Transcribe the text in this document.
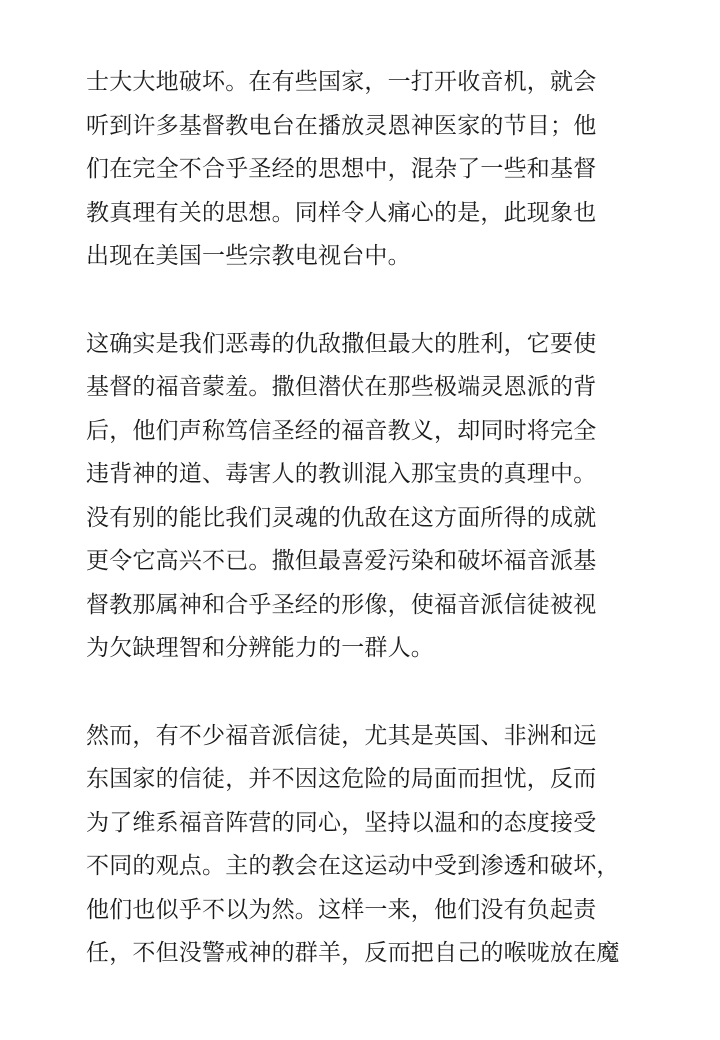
士大大地破坏。在有些国家，一打开收音机，就会
听到许多基督教电台在播放灵恩神医家的节目；他
们在完全不合乎圣经的思想中，混杂了一些和基督
教真理有关的思想。同样令人痛心的是，此现象也
出现在美国一些宗教电视台中。

这确实是我们恶毒的仇敌撒但最大的胜利，它要使
基督的福音蒙羞。撒但潜伏在那些极端灵恩派的背
后，他们声称笃信圣经的福音教义，却同时将完全
违背神的道、毒害人的教训混入那宝贵的真理中。
没有别的能比我们灵魂的仇敌在这方面所得的成就
更令它高兴不已。撒但最喜爱污染和破坏福音派基
督教那属神和合乎圣经的形像，使福音派信徒被视
为欠缺理智和分辨能力的一群人。

然而，有不少福音派信徒，尤其是英国、非洲和远
东国家的信徒，并不因这危险的局面而担忧，反而
为了维系福音阵营的同心，坚持以温和的态度接受
不同的观点。主的教会在这运动中受到渗透和破坏，
他们也似乎不以为然。这样一来，他们没有负起责
任，不但没警戒神的群羊，反而把自己的喉咙放在魔
